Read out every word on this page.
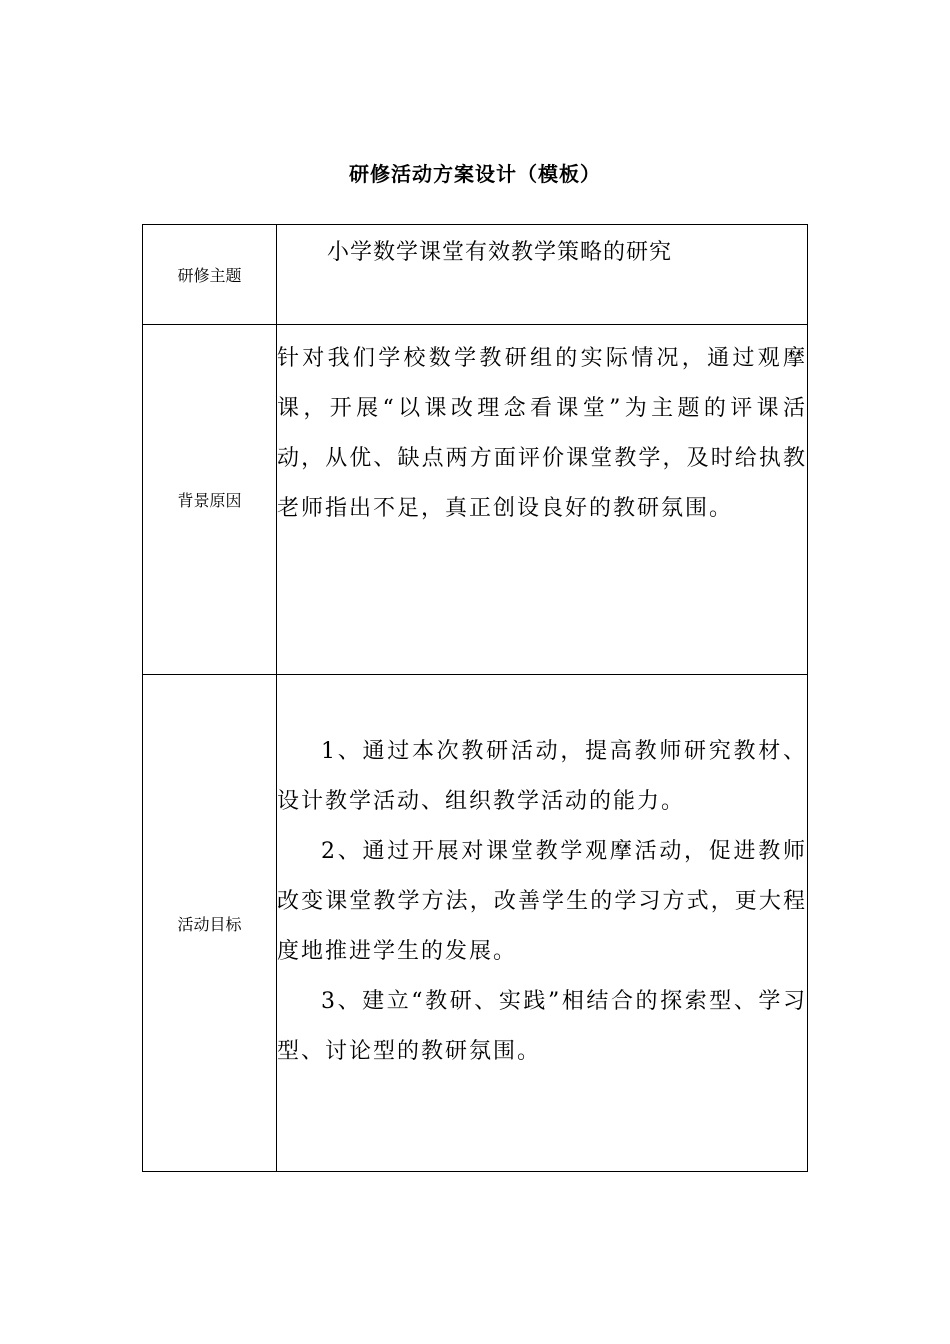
研修活动方案设计（模板）
研修主题	小学数学课堂有效教学策略的研究

背景原因	针对我们学校数学教研组的实际情况，通过观摩课，开展“以课改理念看课堂”为主题的评课活动，从优、缺点两方面评价课堂教学，及时给执教老师指出不足，真正创设良好的教研氛围。

活动目标	1、通过本次教研活动，提高教师研究教材、设计教学活动、组织教学活动的能力。

2、通过开展对课堂教学观摩活动，促进教师改变课堂教学方法，改善学生的学习方式，更大程度地推进学生的发展。

3、建立“教研、实践”相结合的探索型、学习型、讨论型的教研氛围。
